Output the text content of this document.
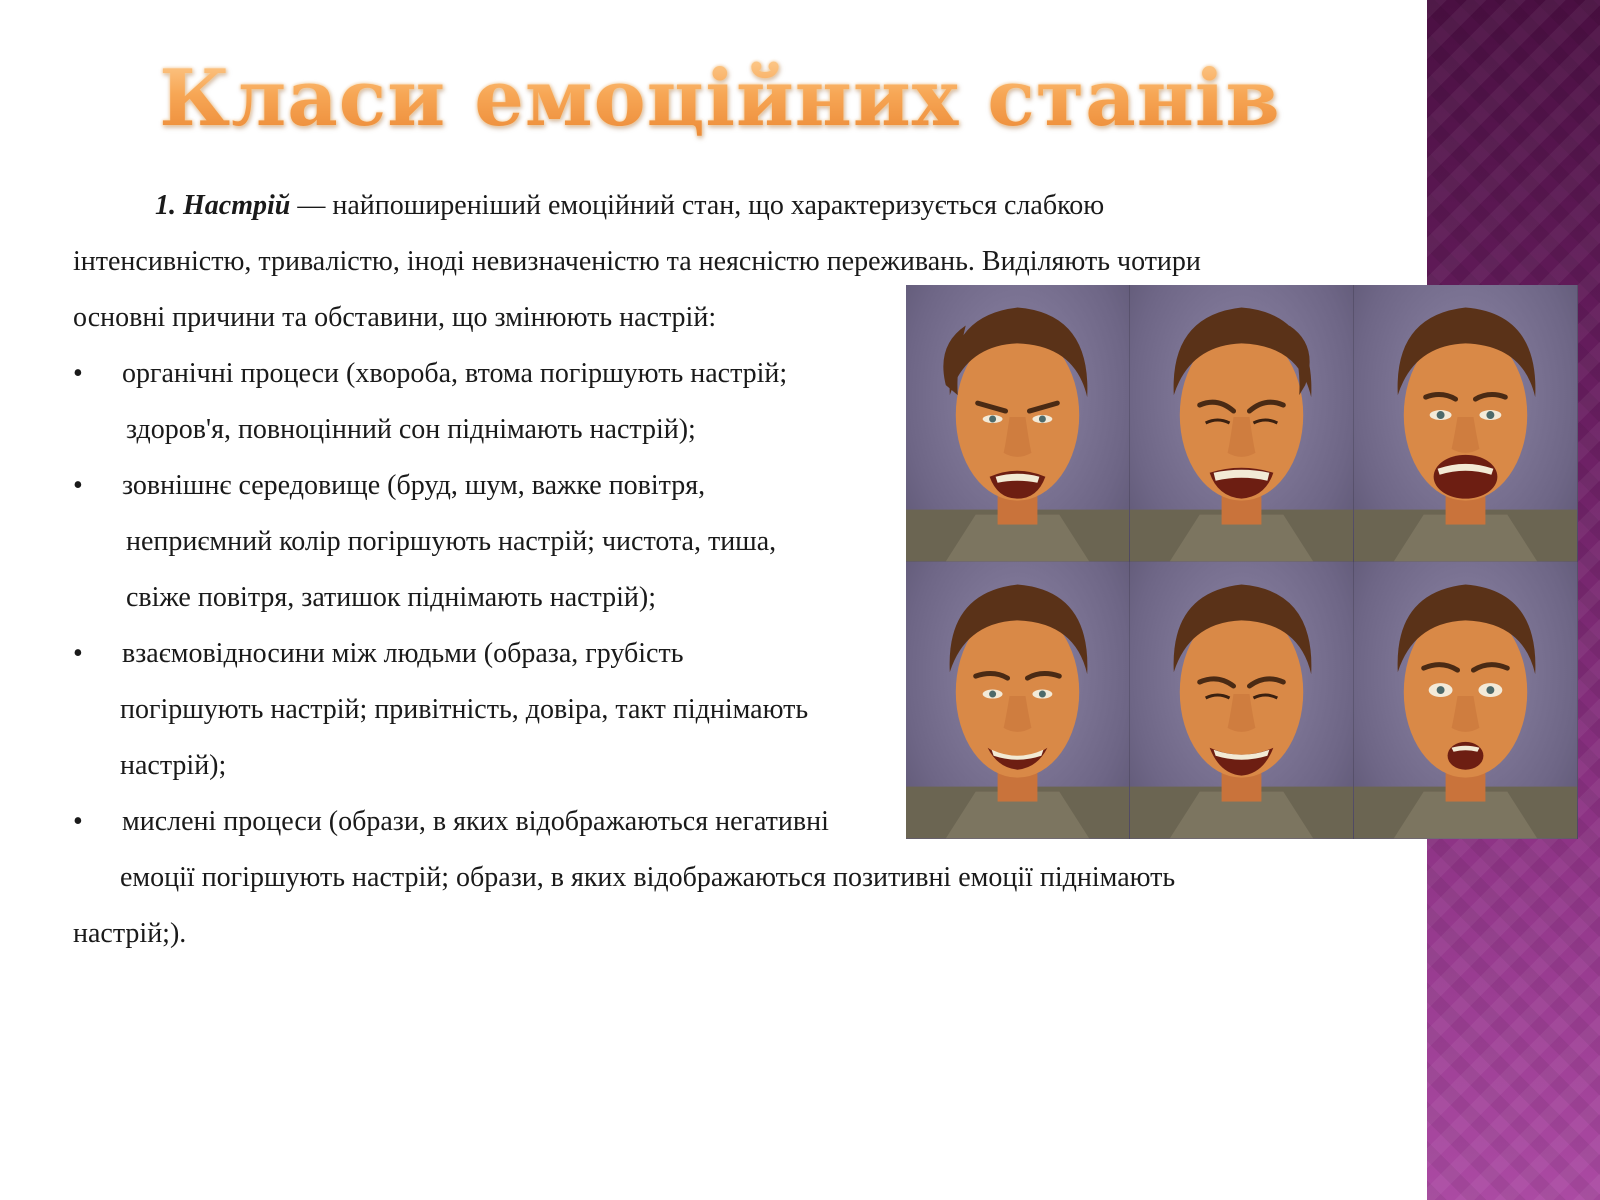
Класи емоційних станів
1. Настрій — найпоширеніший емоційний стан, що характеризується слабкою
інтенсивністю, тривалістю, іноді невизначеністю та неясністю переживань. Виділяють чотири
основні причини та обставини, що змінюють настрій:
•	органічні процеси (хвороба, втома погіршують настрій;
здоров'я, повноцінний сон піднімають настрій);
•	зовнішнє середовище (бруд, шум, важке повітря,
неприємний колір погіршують настрій; чистота, тиша,
свіже повітря, затишок піднімають настрій);
•	взаємовідносини між людьми (образа, грубість
погіршують настрій; привітність, довіра, такт піднімають
настрій);
•	мислені процеси (образи, в яких відображаються негативні
емоції погіршують настрій; образи, в яких відображаються позитивні емоції піднімають
настрій;).
